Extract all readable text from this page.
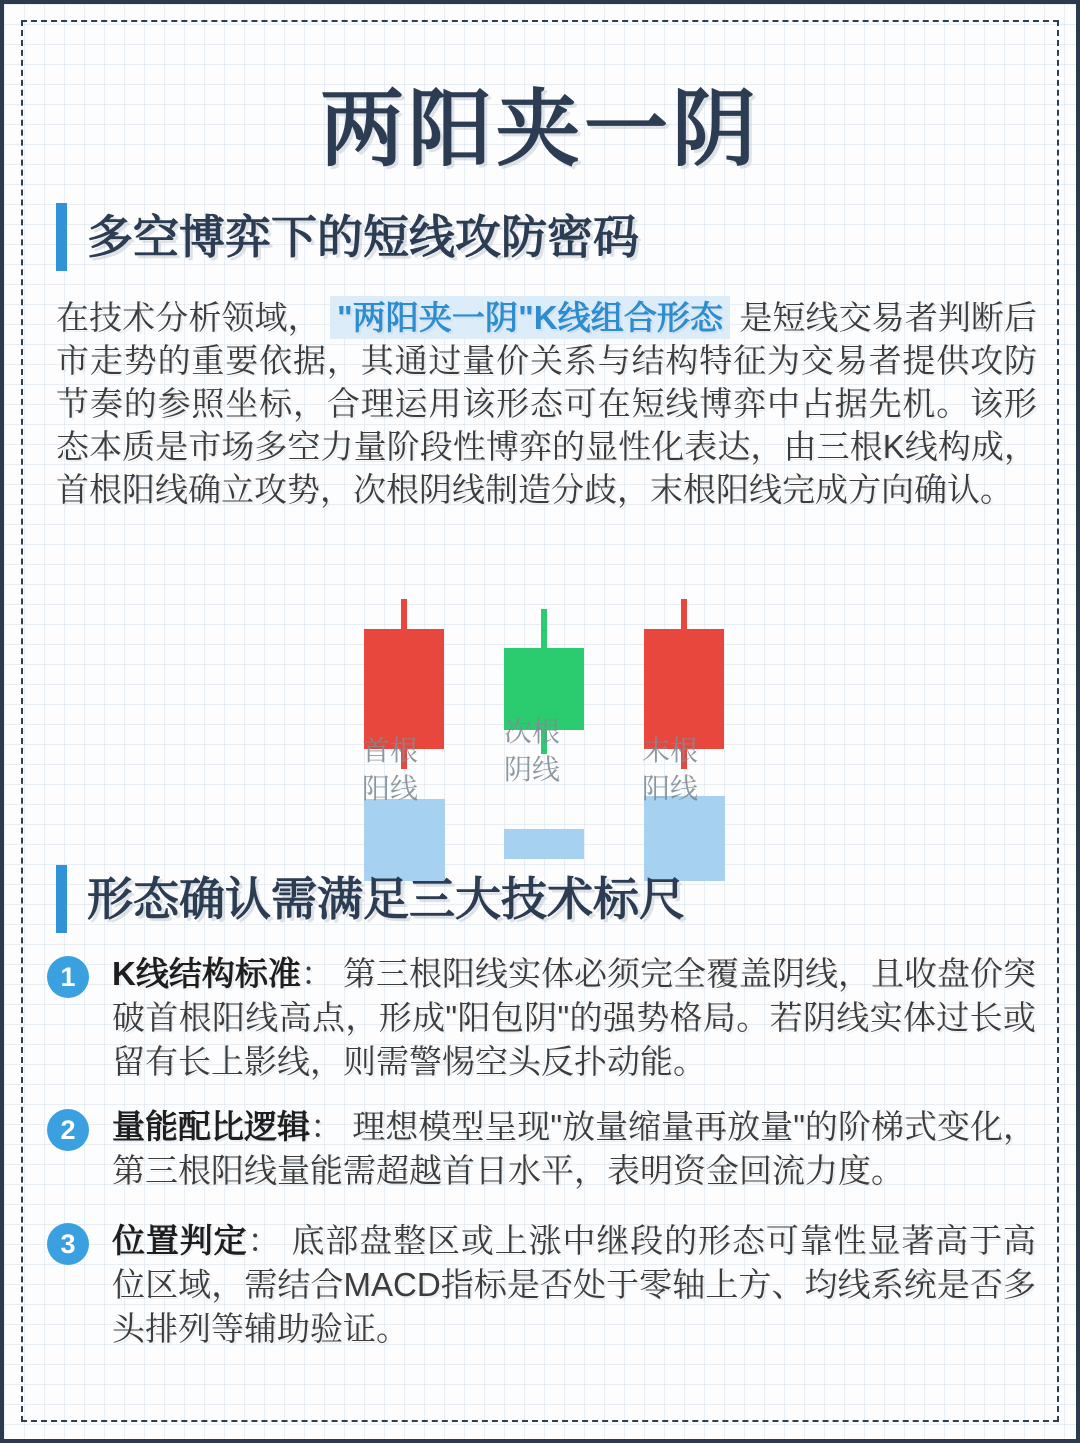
两阳夹一阴
多空博弈下的短线攻防密码

在技术分析领域， "两阳夹一阴"K线组合形态 是短线交易者判断后市走势的重要依据，其通过量价关系与结构特征为交易者提供攻防节奏的参照坐标，合理运用该形态可在短线博弈中占据先机。该形态本质是市场多空力量阶段性博弈的显性化表达，由三根K线构成，首根阳线确立攻势，次根阴线制造分歧，末根阳线完成方向确认。

首根
阳线
次根
阴线
末根
阳线
形态确认需满足三大技术标尺
1	K线结构标准： 第三根阳线实体必须完全覆盖阴线，且收盘价突破首根阳线高点，形成"阳包阴"的强势格局。若阴线实体过长或留有长上影线，则需警惕空头反扑动能。

2	量能配比逻辑： 理想模型呈现"放量缩量再放量"的阶梯式变化，第三根阳线量能需超越首日水平，表明资金回流力度。

3	位置判定： 底部盘整区或上涨中继段的形态可靠性显著高于高位区域，需结合MACD指标是否处于零轴上方、均线系统是否多头排列等辅助验证。
